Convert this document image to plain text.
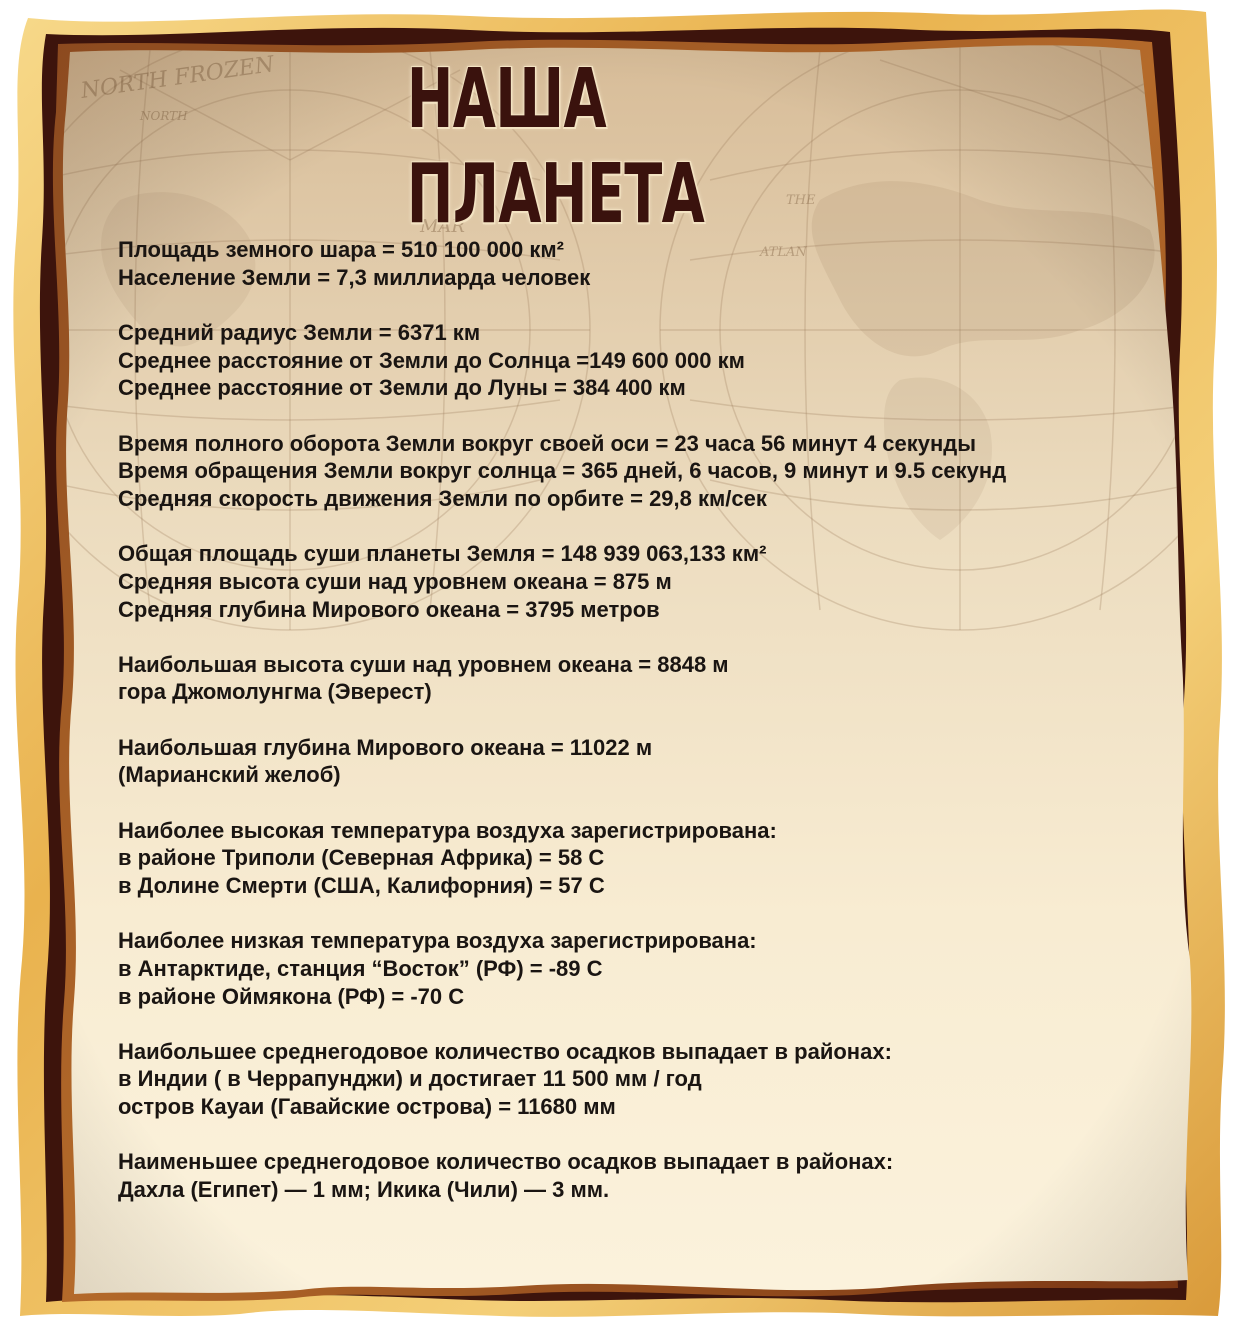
НАША ПЛАНЕТА
Площадь земного шара = 510 100 000 км²
Население Земли = 7,3 миллиарда человек
Средний радиус Земли = 6371 км
Среднее расстояние от Земли до Солнца =149 600 000 км
Среднее расстояние от Земли до Луны = 384 400 км
Время полного оборота Земли вокруг своей оси = 23 часа 56 минут 4 секунды
Время обращения Земли вокруг солнца = 365 дней, 6 часов, 9 минут и 9.5 секунд
Средняя скорость движения Земли по орбите = 29,8 км/сек
Общая площадь суши планеты Земля = 148 939 063,133 км²
Средняя высота суши над уровнем океана = 875 м
Средняя глубина Мирового океана = 3795 метров
Наибольшая высота суши над уровнем океана = 8848 м
гора Джомолунгма (Эверест)
Наибольшая глубина Мирового океана = 11022 м
(Марианский желоб)
Наиболее высокая температура воздуха зарегистрирована:
в районе Триполи (Северная Африка) = 58 С
в Долине Смерти (США, Калифорния) = 57 С
Наиболее низкая температура воздуха зарегистрирована:
в Антарктиде, станция “Восток” (РФ) = -89 С
в районе Оймякона (РФ) = -70 С
Наибольшее среднегодовое количество осадков выпадает в районах:
в Индии ( в Черрапунджи) и достигает 11 500 мм / год
остров Кауаи (Гавайские острова) = 11680 мм
Наименьшее среднегодовое количество осадков выпадает в районах:
Дахла (Египет) — 1 мм; Икика (Чили) — 3 мм.
